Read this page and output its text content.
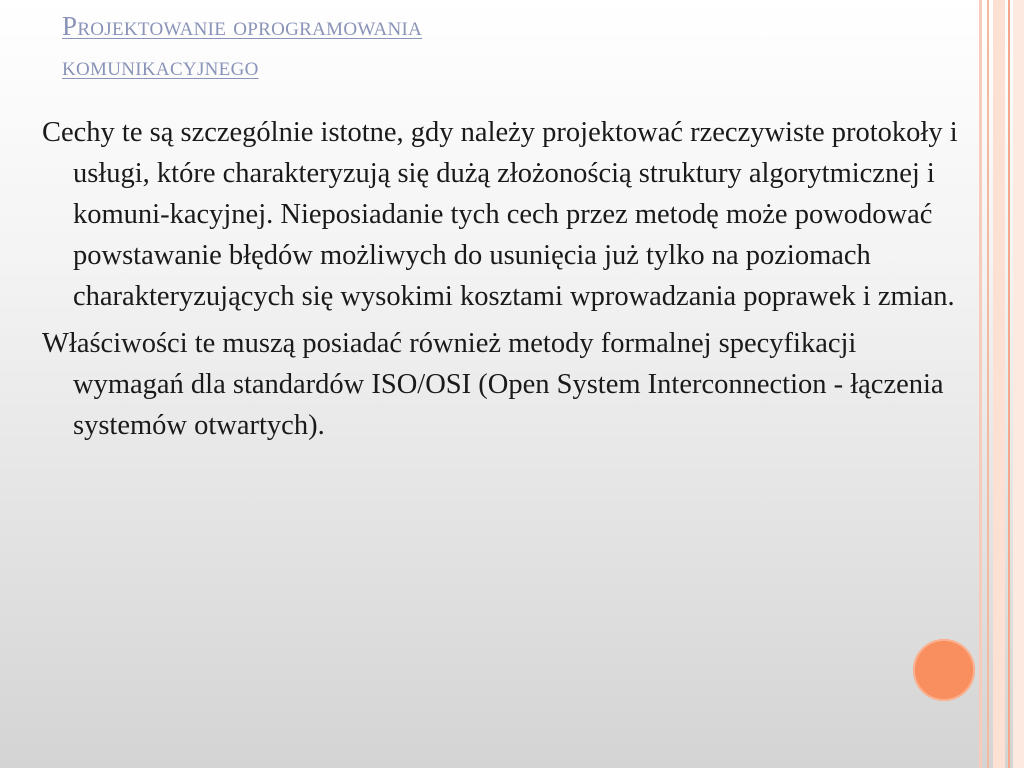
Projektowanie oprogramowania
komunikacyjnego
Cechy te są szczególnie istotne, gdy należy projektować rzeczywiste protokoły i usługi, które charakteryzują się dużą złożonością struktury algorytmicznej i komuni-kacyjnej. Nieposiadanie tych cech przez metodę może powodować powstawanie błędów możliwych do usunięcia już tylko na poziomach charakteryzujących się wysokimi kosztami wprowadzania poprawek i zmian.
Właściwości te muszą posiadać również metody formalnej specyfikacji wymagań dla standardów ISO/OSI (Open System Interconnection - łączenia systemów otwartych).
